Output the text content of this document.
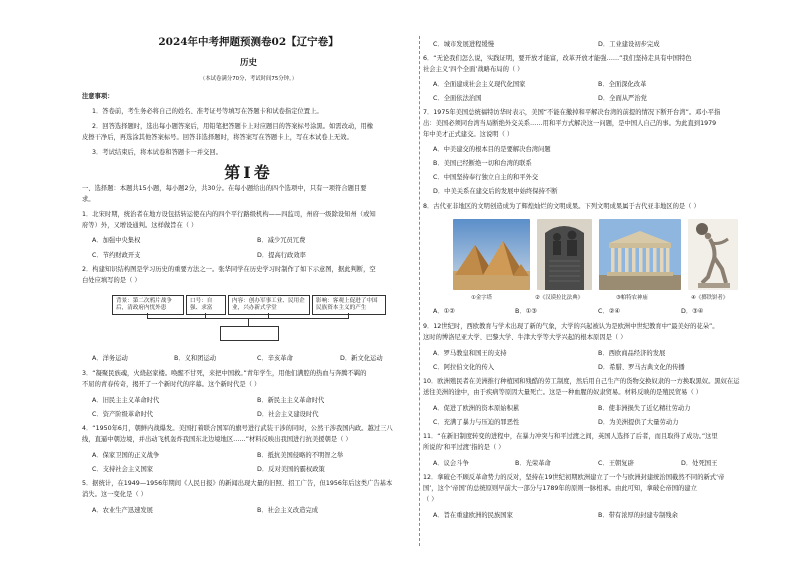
2024年中考押题预测卷02【辽宁卷】
历史
（本试卷满分70分，考试时间75分钟。）
注意事项：
1．答卷前，考生务必将自己的姓名、准考证号等填写在答题卡和试卷指定位置上。
2．回答选择题时，选出每小题答案后，用铅笔把答题卡上对应题目的答案标号涂黑。如需改动，用橡
皮擦干净后，再选涂其他答案标号。回答非选择题时，将答案写在答题卡上，写在本试卷上无效。
3．考试结束后，将本试卷和答题卡一并交回。
第Ⅰ卷
一、选择题：本题共15小题，每小题2分，共30分。在每小题给出的四个选项中，只有一项符合题目要
求。
1．北宋时期，统治者在地方设包括转运使在内的四个平行路级机构——四监司，州府一级除设知州（或知
府等）外，又增设通判。这样做旨在（ ）
A．加强中央集权	B．减少冗员冗费
C．节约财政开支	D．提高行政效率
2．构建知识结构图是学习历史的重要方法之一。张华同学在历史学习时制作了如下示意图，据此判断，空
白处应填写的是（ ）
背景：第二次鸦片战争后，清政府内忧外患
口号：自强、求富
内容：创办军事工业、民用企业，兴办新式学堂
影响：客观上促进了中国民族资本主义的产生
A．洋务运动	B．义和团运动	C．辛亥革命	D．新文化运动
3．“凝聚民族魂，火烧赵家楼。唤醒不甘死，来把中国救。”青年学生，用他们满腔的热血与奔腾不羁的
不屈的青春传奇，揭开了一个新时代的序幕。这个新时代是（ ）
A．旧民主主义革命时代	B．新民主主义革命时代
C．资产阶级革命时代	D．社会主义建设时代
4．“1950年6月，朝鲜内战爆发。美国打着联合国军的旗号进行武装干涉的同时，公然干涉我国内政。越过三八
线，直逼中朝边境，并出动飞机轰炸我国东北边境地区……”材料反映出我国进行抗美援朝是（ ）
A．保家卫国的正义战争	B．抵抗美国侵略的不明智之举
C．支持社会主义国家	D．反对美国的霸权政策
5．据统计，在1949—1956年期间《人民日报》的新闻出现大量的旧照、招工广告，但1956年后这类广告基本
消失。这一变化是（ ）
A．农业生产迅速发展	B．社会主义改造完成
C．城市发展进程缓慢	D．工业建设初步完成
6．“无论我们怎么说，实践证明，要开放才能富，改革开放才能强……”我们坚持走具有中国特色
社会主义‘四个全面’战略布局的（ ）
A．全面建成社会主义现代化国家	B．全面深化改革
C．全面依法治国	D．全面从严治党
7．1975年美国总统福特访华时表示，美国“不能在撤掉和平解决台湾的前提的情况下断开台湾”。邓小平指
出：美国必须同台湾当局断绝外交关系……用和平方式解决这一问题，是中国人自己的事。为此直到1979
年中美才正式建交。这说明（ ）
A．中美建交的根本目的是要解决台湾问题
B．美国已经断绝一切和台湾的联系
C．中国坚持奉行独立自主的和平外交
D．中美关系在建交后的发展中始终保持不断
8．古代亚非地区的文明创造成为了辉煌灿烂的文明成果。下列文明成果属于古代亚非地区的是（ ）
①金字塔	②《汉谟拉比法典》	③帕特农神庙	④《掷铁饼者》
A．①②	B．①③	C．②④	D．③④
9．12世纪时，西欧教育与学术出现了新的气象，大学的兴起被认为是欧洲中世纪教育中“最美好的花朵”。
这时的博洛尼亚大学、巴黎大学、牛津大学等大学兴起的根本原因是（ ）
A．罗马教皇和国王的支持	B．西欧商品经济的发展
C．阿拉伯文化的传入	D．希腊、罗马古典文化的传播
10．欧洲殖民者在美洲推行种植园和残酷的劳工制度，然后用自己生产的货物交换奴隶的一方换取黑奴。黑奴在运
送往美洲的途中，由于疾病等原因大量死亡。这是一种血腥的奴隶贸易。材料反映的是殖民贸易（ ）
A．促进了欧洲的资本原始积累	B．使非洲损失了近亿精壮劳动力
C．充满了暴力与压迫的罪恶性	D．为美洲提供了大量劳动力
11．“在新旧制度转变的进程中，在暴力冲突与和平过渡之间，英国人选择了后者，而且取得了成功。”这里
所说的‘和平过渡’指的是（ ）
A．议会斗争	B．光荣革命	C．王朝复辟	D．处死国王
12．拿破仑不顾反革命势力的反对，坚持在19世纪初期欧洲建立了一个与欧洲封建统治国截然不同的新式‘帝
国’，这个‘帝国’的总统原则早前大一部分与1789年的原则一脉相承。由此可知，拿破仑帝国的建立
（ ）
A．旨在重建欧洲的民族国家	B．带有浓厚的封建专制残余
